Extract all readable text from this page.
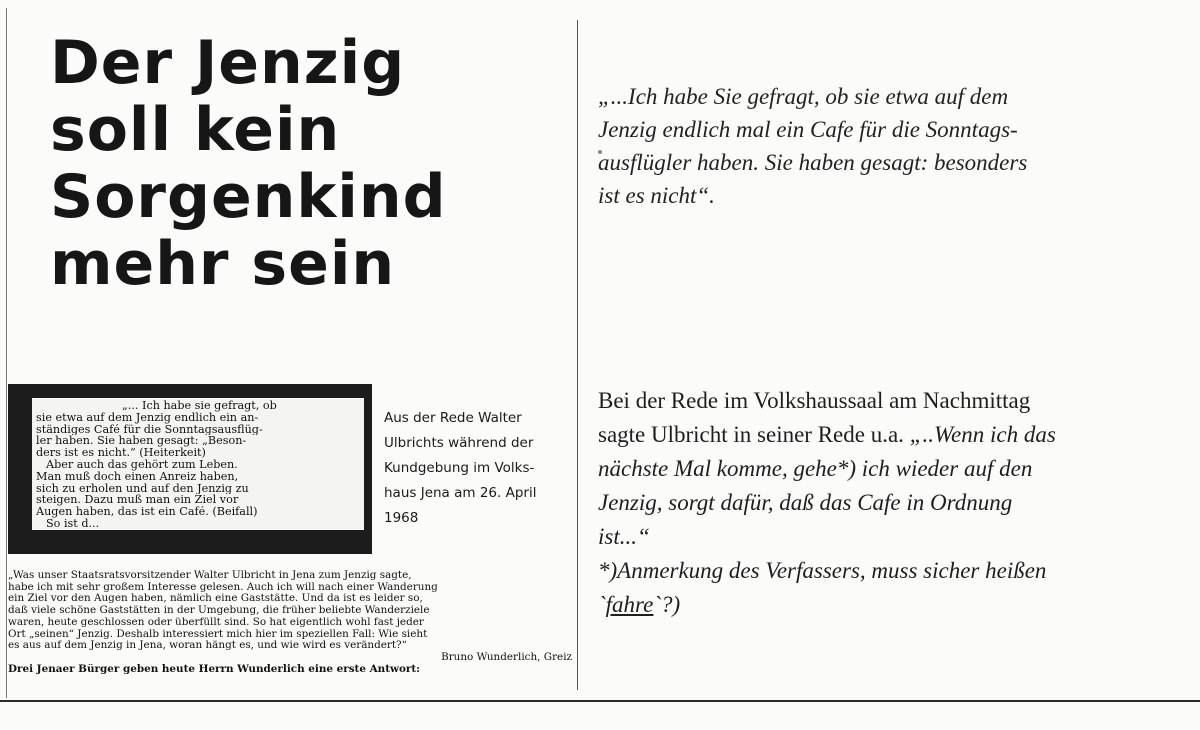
Der Jenzig
soll kein
Sorgenkind
mehr sein
„... Ich habe sie gefragt, ob
sie etwa auf dem Jenzig endlich ein an-
ständiges Café für die Sonntagsausflüg-
ler haben. Sie haben gesagt: „Beson-
ders ist es nicht.“ (Heiterkeit)
Aber auch das gehört zum Leben.
Man muß doch einen Anreiz haben,
sich zu erholen und auf den Jenzig zu
steigen. Dazu muß man ein Ziel vor
Augen haben, das ist ein Café. (Beifall)
So ist d...
Aus der Rede Walter
Ulbrichts während der
Kundgebung im Volks-
haus Jena am 26. April
1968
„Was unser Staatsratsvorsitzender Walter Ulbricht in Jena zum Jenzig sagte,
habe ich mit sehr großem Interesse gelesen. Auch ich will nach einer Wanderung
ein Ziel vor den Augen haben, nämlich eine Gaststätte. Und da ist es leider so,
daß viele schöne Gaststätten in der Umgebung, die früher beliebte Wanderziele
waren, heute geschlossen oder überfüllt sind. So hat eigentlich wohl fast jeder
Ort „seinen“ Jenzig. Deshalb interessiert mich hier im speziellen Fall: Wie sieht
es aus auf dem Jenzig in Jena, woran hängt es, und wie wird es verändert?“
Bruno Wunderlich, Greiz
Drei Jenaer Bürger geben heute Herrn Wunderlich eine erste Antwort:
„...Ich habe Sie gefragt, ob sie etwa auf dem
Jenzig endlich mal ein Cafe für die Sonntags-
ausflügler haben. Sie haben gesagt: besonders
ist es nicht“.
Bei der Rede im Volkshaussaal am Nachmittag
sagte Ulbricht in seiner Rede u.a. „..Wenn ich das
nächste Mal komme, gehe*) ich wieder auf den
Jenzig, sorgt dafür, daß das Cafe in Ordnung
ist...“
*)Anmerkung des Verfassers, muss sicher heißen
`fahre`?)
